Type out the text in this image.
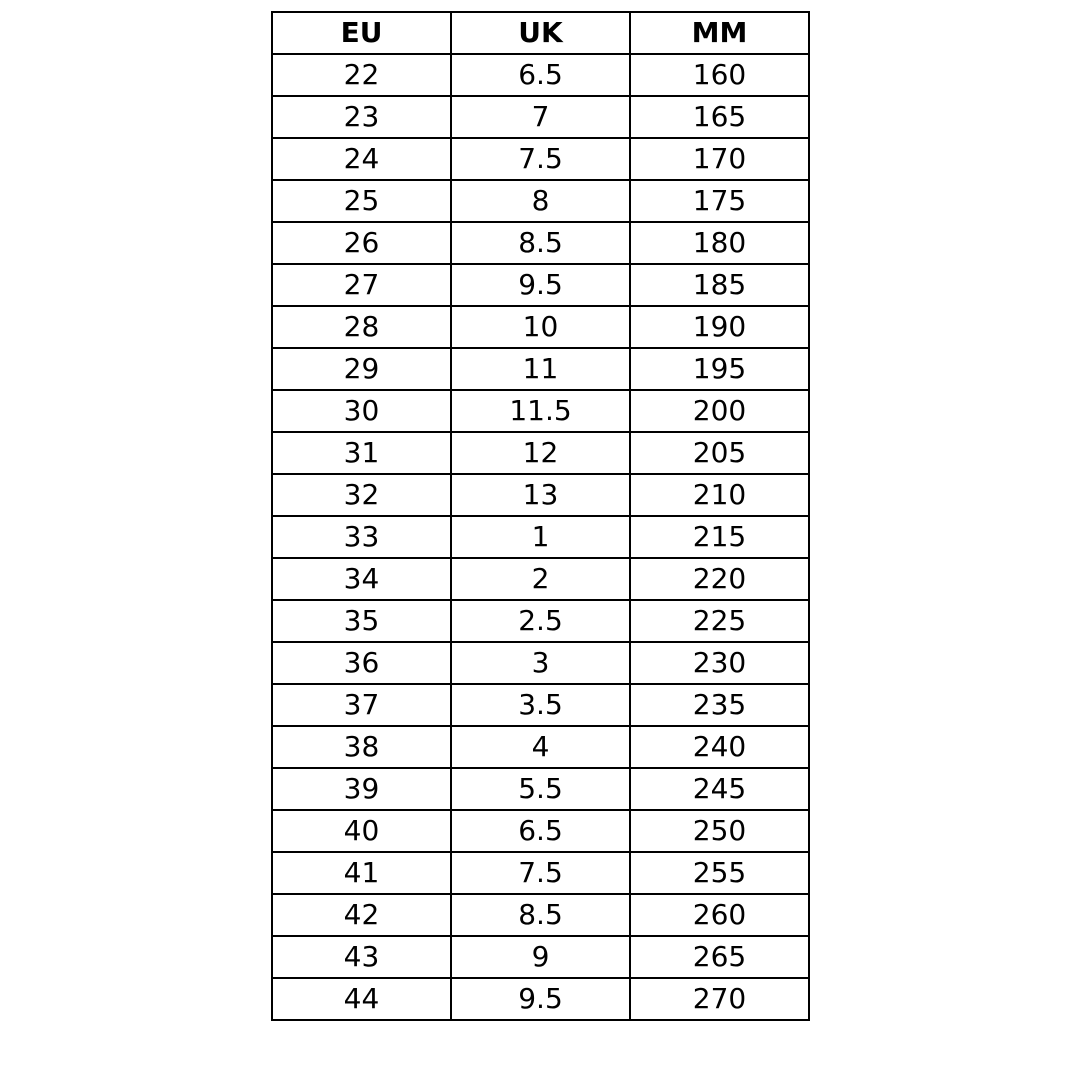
EU	UK	MM
22	6.5	160
23	7	165
24	7.5	170
25	8	175
26	8.5	180
27	9.5	185
28	10	190
29	11	195
30	11.5	200
31	12	205
32	13	210
33	1	215
34	2	220
35	2.5	225
36	3	230
37	3.5	235
38	4	240
39	5.5	245
40	6.5	250
41	7.5	255
42	8.5	260
43	9	265
44	9.5	270
